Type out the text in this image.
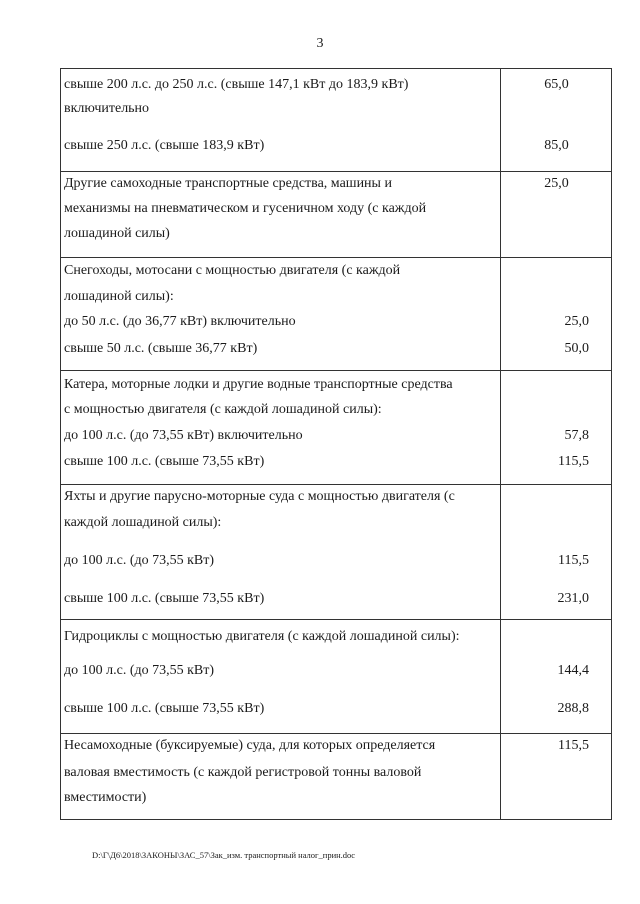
3
свыше 200 л.с. до 250 л.с. (свыше 147,1 кВт до 183,9 кВт)
включительно
свыше 250 л.с. (свыше 183,9 кВт)
65,0
85,0
Другие самоходные транспортные средства, машины и
механизмы на пневматическом и гусеничном ходу (с каждой
лошадиной силы)
25,0
Снегоходы, мотосани с мощностью двигателя (с каждой
лошадиной силы):
до 50 л.с. (до 36,77 кВт) включительно
свыше 50 л.с. (свыше 36,77 кВт)
25,0
50,0
Катера, моторные лодки и другие водные транспортные средства
с мощностью двигателя (с каждой лошадиной силы):
до 100 л.с. (до 73,55 кВт) включительно
свыше 100 л.с. (свыше 73,55 кВт)
57,8
115,5
Яхты и другие парусно-моторные суда с мощностью двигателя (с
каждой лошадиной силы):
до 100 л.с. (до 73,55 кВт)
свыше 100 л.с. (свыше 73,55 кВт)
115,5
231,0
Гидроциклы с мощностью двигателя (с каждой лошадиной силы):
до 100 л.с. (до 73,55 кВт)
свыше 100 л.с. (свыше 73,55 кВт)
144,4
288,8
Несамоходные (буксируемые) суда, для которых определяется
валовая вместимость (с каждой регистровой тонны валовой
вместимости)
115,5
D:\Г\Д6\2018\ЗАКОНЫ\ЗАС_57\Зак_изм. транспортный налог_прин.doc
